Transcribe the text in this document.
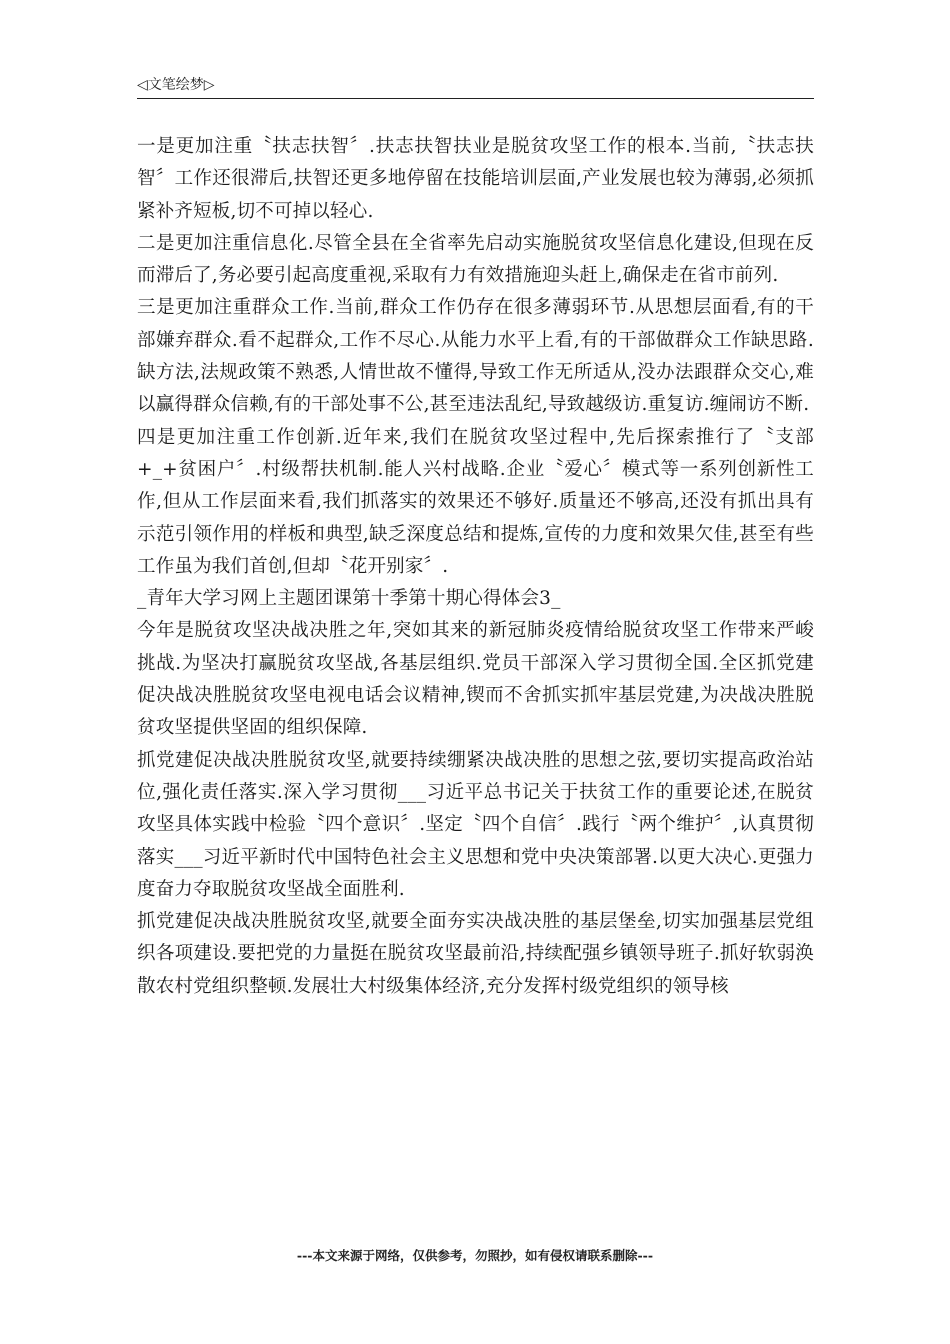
◁文笔绘梦▷

一是更加注重〝扶志扶智〞.扶志扶智扶业是脱贫攻坚工作的根本.当前,〝扶志扶智〞工作还很滞后,扶智还更多地停留在技能培训层面,产业发展也较为薄弱,必须抓紧补齐短板,切不可掉以轻心.

二是更加注重信息化.尽管全县在全省率先启动实施脱贫攻坚信息化建设,但现在反而滞后了,务必要引起高度重视,采取有力有效措施迎头赶上,确保走在省市前列.

三是更加注重群众工作.当前,群众工作仍存在很多薄弱环节.从思想层面看,有的干部嫌弃群众.看不起群众,工作不尽心.从能力水平上看,有的干部做群众工作缺思路.缺方法,法规政策不熟悉,人情世故不懂得,导致工作无所适从,没办法跟群众交心,难以赢得群众信赖,有的干部处事不公,甚至违法乱纪,导致越级访.重复访.缠闹访不断.

四是更加注重工作创新.近年来,我们在脱贫攻坚过程中,先后探索推行了〝支部+_+贫困户〞.村级帮扶机制.能人兴村战略.企业〝爱心〞模式等一系列创新性工作,但从工作层面来看,我们抓落实的效果还不够好.质量还不够高,还没有抓出具有示范引领作用的样板和典型,缺乏深度总结和提炼,宣传的力度和效果欠佳,甚至有些工作虽为我们首创,但却〝花开别家〞.

_青年大学习网上主题团课第十季第十期心得体会3_

今年是脱贫攻坚决战决胜之年,突如其来的新冠肺炎疫情给脱贫攻坚工作带来严峻挑战.为坚决打赢脱贫攻坚战,各基层组织.党员干部深入学习贯彻全国.全区抓党建促决战决胜脱贫攻坚电视电话会议精神,锲而不舍抓实抓牢基层党建,为决战决胜脱贫攻坚提供坚固的组织保障.

抓党建促决战决胜脱贫攻坚,就要持续绷紧决战决胜的思想之弦,要切实提高政治站位,强化责任落实.深入学习贯彻___习近平总书记关于扶贫工作的重要论述,在脱贫攻坚具体实践中检验〝四个意识〞.坚定〝四个自信〞.践行〝两个维护〞,认真贯彻落实___习近平新时代中国特色社会主义思想和党中央决策部署.以更大决心.更强力度奋力夺取脱贫攻坚战全面胜利.

抓党建促决战决胜脱贫攻坚,就要全面夯实决战决胜的基层堡垒,切实加强基层党组织各项建设.要把党的力量挺在脱贫攻坚最前沿,持续配强乡镇领导班子.抓好软弱涣散农村党组织整顿.发展壮大村级集体经济,充分发挥村级党组织的领导核

---本文来源于网络，仅供参考，勿照抄，如有侵权请联系删除---
